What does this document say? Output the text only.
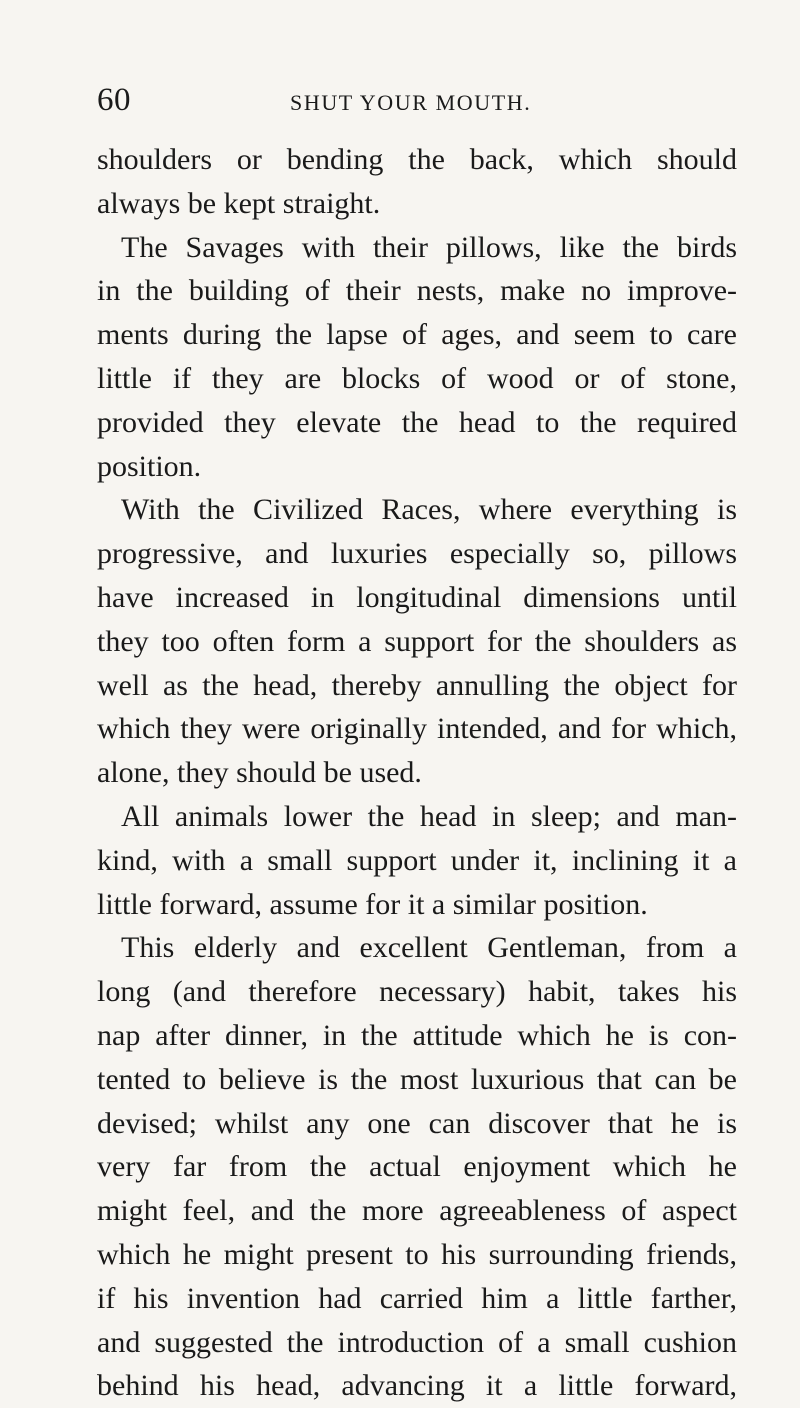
60	SHUT YOUR MOUTH.
shoulders or bending the back, which should
always be kept straight.
The Savages with their pillows, like the birds
in the building of their nests, make no improve-
ments during the lapse of ages, and seem to care
little if they are blocks of wood or of stone,
provided they elevate the head to the required
position.
With the Civilized Races, where everything is
progressive, and luxuries especially so, pillows
have increased in longitudinal dimensions until
they too often form a support for the shoulders as
well as the head, thereby annulling the object for
which they were originally intended, and for which,
alone, they should be used.
All animals lower the head in sleep; and man-
kind, with a small support under it, inclining it a
little forward, assume for it a similar position.
This elderly and excellent Gentleman, from a
long (and therefore necessary) habit, takes his
nap after dinner, in the attitude which he is con-
tented to believe is the most luxurious that can be
devised; whilst any one can discover that he is
very far from the actual enjoyment which he
might feel, and the more agreeableness of aspect
which he might present to his surrounding friends,
if his invention had carried him a little farther,
and suggested the introduction of a small cushion
behind his head, advancing it a little forward,
